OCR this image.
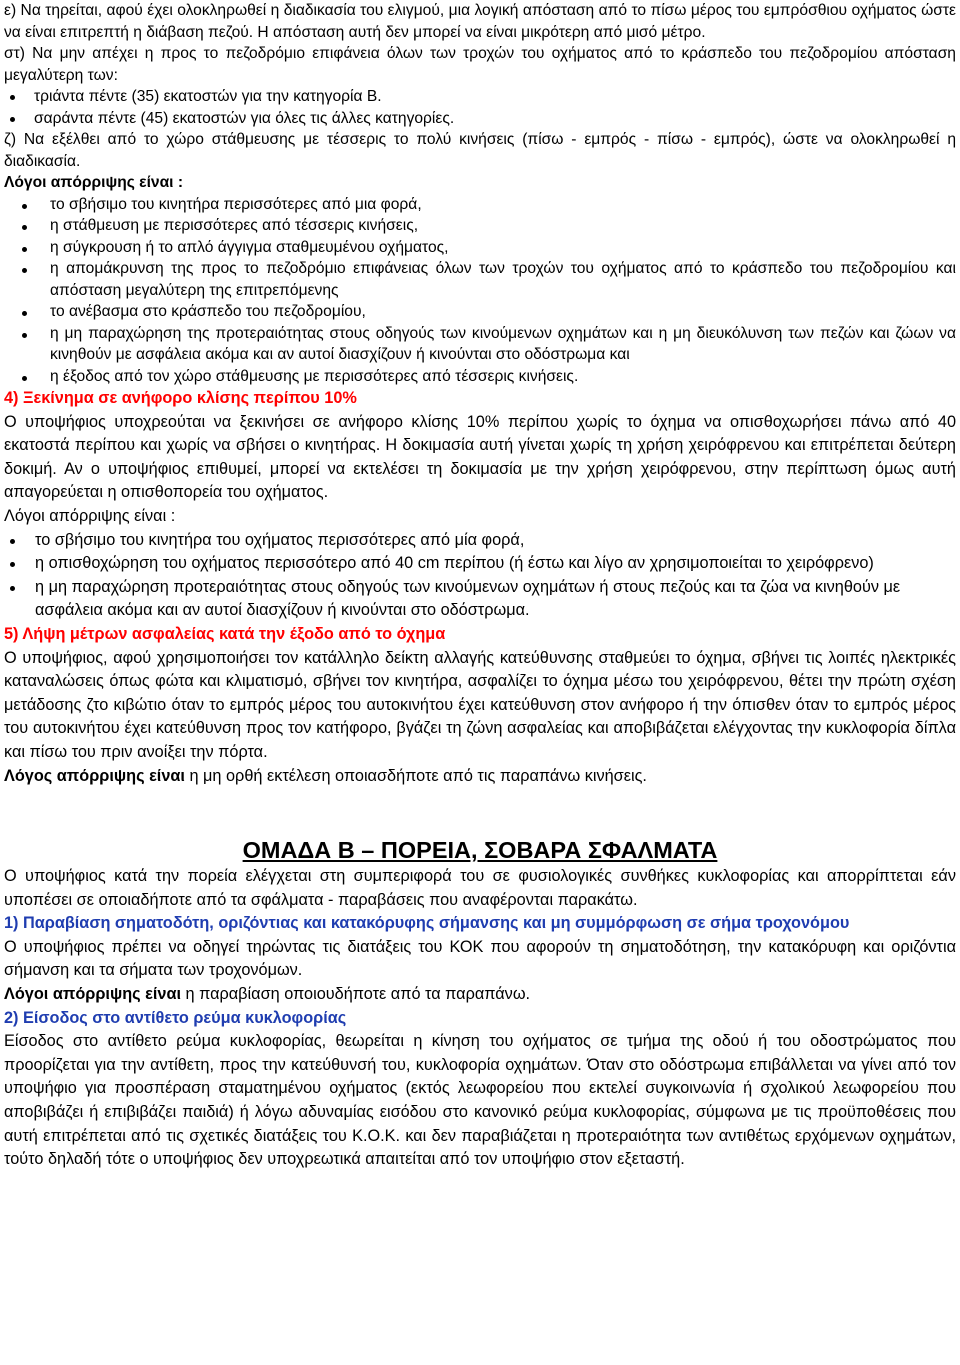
ε) Να τηρείται, αφού έχει ολοκληρωθεί η διαδικασία του ελιγμού, μια λογική απόσταση από το πίσω μέρος του εμπρόσθιου οχήματος ώστε να είναι επιτρεπτή η διάβαση πεζού. Η απόσταση αυτή δεν μπορεί να είναι μικρότερη από μισό μέτρο.

στ) Να μην απέχει η προς το πεζοδρόμιο επιφάνεια όλων των τροχών του οχήματος από το κράσπεδο του πεζοδρομίου απόσταση μεγαλύτερη των:

τριάντα πέντε (35) εκατοστών για την κατηγορία Β.
σαράντα πέντε (45) εκατοστών για όλες τις άλλες κατηγορίες.

ζ) Να εξέλθει από το χώρο στάθμευσης με τέσσερις το πολύ κινήσεις (πίσω - εμπρός - πίσω - εμπρός), ώστε να ολοκληρωθεί η διαδικασία.

Λόγοι απόρριψης είναι :

το σβήσιμο του κινητήρα περισσότερες από μια φορά,
η στάθμευση με περισσότερες από τέσσερις κινήσεις,
η σύγκρουση ή το απλό άγγιγμα σταθμευμένου οχήματος,
η απομάκρυνση της προς το πεζοδρόμιο επιφάνειας όλων των τροχών του οχήματος από το κράσπεδο του πεζοδρομίου και απόσταση μεγαλύτερη της επιτρεπόμενης
το ανέβασμα στο κράσπεδο του πεζοδρομίου,
η μη παραχώρηση της προτεραιότητας στους οδηγούς των κινούμενων οχημάτων και η μη διευκόλυνση των πεζών και ζώων να κινηθούν με ασφάλεια ακόμα και αν αυτοί διασχίζουν ή κινούνται στο οδόστρωμα και
η έξοδος από τον χώρο στάθμευσης με περισσότερες από τέσσερις κινήσεις.

4) Ξεκίνημα σε ανήφορο κλίσης περίπου 10%

Ο υποψήφιος υποχρεούται να ξεκινήσει σε ανήφορο κλίσης 10% περίπου χωρίς το όχημα να οπισθοχωρήσει πάνω από 40 εκατοστά περίπου και χωρίς να σβήσει ο κινητήρας. Η δοκιμασία αυτή γίνεται χωρίς τη χρήση χειρόφρενου και επιτρέπεται δεύτερη δοκιμή. Αν ο υποψήφιος επιθυμεί, μπορεί να εκτελέσει τη δοκιμασία με την χρήση χειρόφρενου, στην περίπτωση όμως αυτή απαγορεύεται η οπισθοπορεία του οχήματος.

Λόγοι απόρριψης είναι :

το σβήσιμο του κινητήρα του οχήματος περισσότερες από μία φορά,
η οπισθοχώρηση του οχήματος περισσότερο από 40 cm περίπου (ή έστω και λίγο αν χρησιμοποιείται το χειρόφρενο)
η μη παραχώρηση προτεραιότητας στους οδηγούς των κινούμενων οχημάτων ή στους πεζούς και τα ζώα να κινηθούν με ασφάλεια ακόμα και αν αυτοί διασχίζουν ή κινούνται στο οδόστρωμα.

5) Λήψη μέτρων ασφαλείας κατά την έξοδο από το όχημα

Ο υποψήφιος, αφού χρησιμοποιήσει τον κατάλληλο δείκτη αλλαγής κατεύθυνσης σταθμεύει το όχημα, σβήνει τις λοιπές ηλεκτρικές καταναλώσεις όπως φώτα και κλιματισμό, σβήνει τον κινητήρα, ασφαλίζει το όχημα μέσω του χειρόφρενου, θέτει την πρώτη σχέση μετάδοσης ζτο κιβώτιο όταν το εμπρός μέρος του αυτοκινήτου έχει κατεύθυνση στον ανήφορο ή την όπισθεν όταν το εμπρός μέρος του αυτοκινήτου έχει κατεύθυνση προς τον κατήφορο, βγάζει τη ζώνη ασφαλείας και αποβιβάζεται ελέγχοντας την κυκλοφορία δίπλα και πίσω του πριν ανοίξει την πόρτα.

Λόγος απόρριψης είναι η μη ορθή εκτέλεση οποιασδήποτε από τις παραπάνω κινήσεις.

ΟΜΑΔΑ Β – ΠΟΡΕΙΑ, ΣΟΒΑΡΑ ΣΦΑΛΜΑΤΑ

Ο υποψήφιος κατά την πορεία ελέγχεται στη συμπεριφορά του σε φυσιολογικές συνθήκες κυκλοφορίας και απορρίπτεται εάν υποπέσει σε οποιαδήποτε από τα σφάλματα - παραβάσεις που αναφέρονται παρακάτω.

1) Παραβίαση σηματοδότη, οριζόντιας και κατακόρυφης σήμανσης και μη συμμόρφωση σε σήμα τροχονόμου

Ο υποψήφιος πρέπει να οδηγεί τηρώντας τις διατάξεις του ΚΟΚ που αφορούν τη σηματοδότηση, την κατακόρυφη και οριζόντια σήμανση και τα σήματα των τροχονόμων.

Λόγοι απόρριψης είναι η παραβίαση οποιουδήποτε από τα παραπάνω.

2) Είσοδος στο αντίθετο ρεύμα κυκλοφορίας

Είσοδος στο αντίθετο ρεύμα κυκλοφορίας, θεωρείται η κίνηση του οχήματος σε τμήμα της οδού ή του οδοστρώματος που προορίζεται για την αντίθετη, προς την κατεύθυνσή του, κυκλοφορία οχημάτων. Όταν στο οδόστρωμα επιβάλλεται να γίνει από τον υποψήφιο για προσπέραση σταματημένου οχήματος (εκτός λεωφορείου που εκτελεί συγκοινωνία ή σχολικού λεωφορείου που αποβιβάζει ή επιβιβάζει παιδιά) ή λόγω αδυναμίας εισόδου στο κανονικό ρεύμα κυκλοφορίας, σύμφωνα με τις προϋποθέσεις που αυτή επιτρέπεται από τις σχετικές διατάξεις του Κ.Ο.Κ. και δεν παραβιάζεται η προτεραιότητα των αντιθέτως ερχόμενων οχημάτων, τούτο δηλαδή τότε ο υποψήφιος δεν υποχρεωτικά απαιτείται από τον υποψήφιο στον εξεταστή.
